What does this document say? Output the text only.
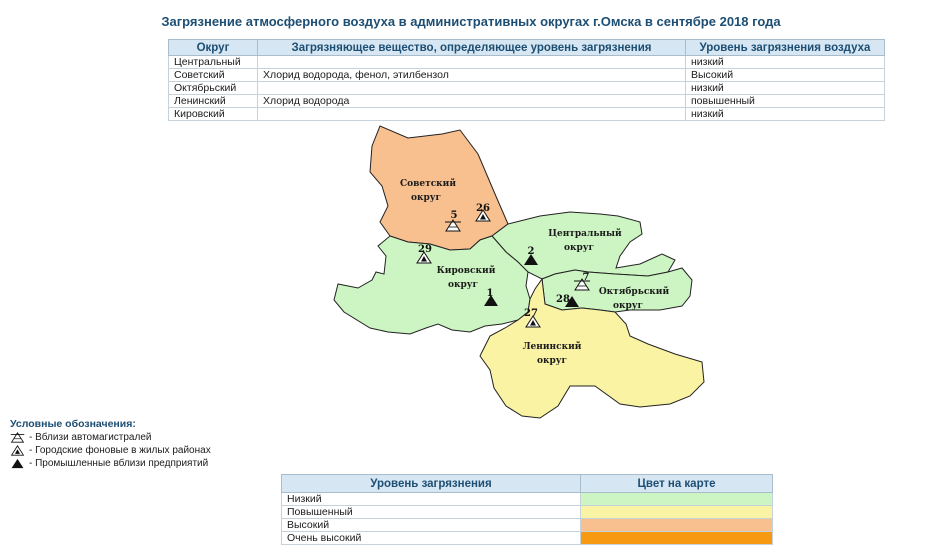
Загрязнение атмосферного воздуха в административных округах г.Омска в сентябре 2018 года
Округ	Загрязняющее вещество, определяющее уровень загрязнения	Уровень загрязнения воздуха
Центральный		низкий
Советский	Хлорид водорода, фенол, этилбензол	Высокий
Октябрьский		низкий
Ленинский	Хлорид водорода	повышенный
Кировский		низкий
Советский
округ
Центральный
округ
Кировский
округ
Октябрьский
округ
Ленинский
округ
5
26
29	2
1
7
28
27
Условные обозначения:
- Вблизи автомагистралей
- Городские фоновые в жилых районах
- Промышленные вблизи предприятий
Уровень загрязнения	Цвет на карте
Низкий	
Повышенный	
Высокий	
Очень высокий	
